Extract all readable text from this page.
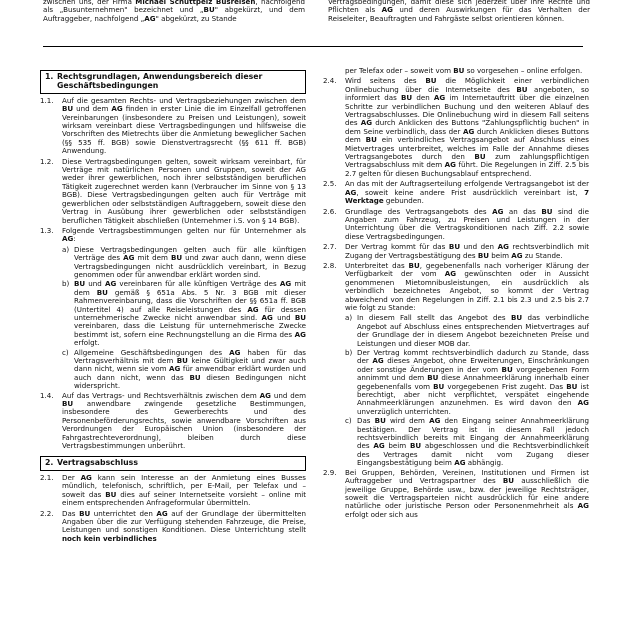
zwischen uns, der Firma Michael Schüttpelz Busreisen, nachfolgend als „Busunternehmen" bezeichnet und „BU" abgekürzt, und dem Auftraggeber, nachfolgend „AG" abgekürzt, zu Stande
Vertragsbedingungen, damit diese sich jederzeit über ihre Rechte und Pflichten als AG und deren Auswirkungen für das Verhalten der Reiseleiter, Beauftragten und Fahrgäste selbst orientieren können.
1. Rechtsgrundlagen, Anwendungsbereich dieser
Geschäftsbedingungen
1.1.	Auf die gesamten Rechts- und Vertragsbeziehungen zwischen dem BU und dem AG finden in erster Linie die im Einzelfall getroffenen Vereinbarungen (insbesondere zu Preisen und Leistungen), soweit wirksam vereinbart diese Vertragsbedingungen und hilfsweise die Vorschriften des Mietrechts über die Anmietung beweglicher Sachen (§§ 535 ff. BGB) sowie Dienstvertragsrecht (§§ 611 ff. BGB) Anwendung.
1.2.	Diese Vertragsbedingungen gelten, soweit wirksam vereinbart, für Verträge mit natürlichen Personen und Gruppen, soweit der AG weder ihrer gewerblichen, noch ihrer selbstständigen beruflichen Tätigkeit zugerechnet werden kann (Verbraucher im Sinne von § 13 BGB). Diese Vertragsbedingungen gelten auch für Verträge mit gewerblichen oder selbstständigen Auftraggebern, soweit diese den Vertrag in Ausübung ihrer gewerblichen oder selbstständigen beruflichen Tätigkeit abschließen (Unternehmer i.S. von § 14 BGB).
1.3.	Folgende Vertragsbestimmungen gelten nur für Unternehmer als AG:
a) Diese Vertragsbedingungen gelten auch für alle künftigen Verträge des AG mit dem BU und zwar auch dann, wenn diese Vertragsbedingungen nicht ausdrücklich vereinbart, in Bezug genommen oder für anwendbar erklärt worden sind.
b) BU und AG vereinbaren für alle künftigen Verträge des AG mit dem BU gemäß § 651a Abs. 5 Nr. 3 BGB mit dieser Rahmenvereinbarung, dass die Vorschriften der §§ 651a ff. BGB (Untertitel 4) auf alle Reiseleistungen des AG für dessen unternehmerische Zwecke nicht anwendbar sind. AG und BU vereinbaren, dass die Leistung für unternehmerische Zwecke bestimmt ist, sofern eine Rechnungstellung an die Firma des AG erfolgt.
c) Allgemeine Geschäftsbedingungen des AG haben für das Vertragsverhältnis mit dem BU keine Gültigkeit und zwar auch dann nicht, wenn sie vom AG für anwendbar erklärt wurden und auch dann nicht, wenn das BU diesen Bedingungen nicht widerspricht.
1.4.	Auf das Vertrags- und Rechtsverhältnis zwischen dem AG und dem BU anwendbare zwingende gesetzliche Bestimmungen, insbesondere des Gewerberechts und des Personenbeförderungsrechts, sowie anwendbare Vorschriften aus Verordnungen der Europäischen Union (insbesondere der Fahrgastrechteverordnung), bleiben durch diese Vertragsbestimmungen unberührt.
2. Vertragsabschluss
2.1.	Der AG kann sein Interesse an der Anmietung eines Busses mündlich, telefonisch, schriftlich, per E-Mail, per Telefax und – soweit das BU dies auf seiner Internetseite vorsieht – online mit einem entsprechenden Anfrageformular übermitteln.
2.2.	Das BU unterrichtet den AG auf der Grundlage der übermittelten Angaben über die zur Verfügung stehenden Fahrzeuge, die Preise, Leistungen und sonstigen Konditionen. Diese Unterrichtung stellt noch kein verbindliches
per Telefax oder – soweit vom BU so vorgesehen – online erfolgen.
2.4.	Wird seitens des BU die Möglichkeit einer verbindlichen Onlinebuchung über die Internetseite des BU angeboten, so informiert das BU den AG im Internetauftritt über die einzelnen Schritte zur verbindlichen Buchung und den weiteren Ablauf des Vertragsabschlusses. Die Onlinebuchung wird in diesem Fall seitens des AG durch Anklicken des Buttons "Zahlungspflichtig buchen" in dem Seine verbindlich, dass der AG durch Anklicken dieses Buttons dem BU ein verbindliches Vertragsangebot auf Abschluss eines Mietvertrages unterbreitet, welches im Falle der Annahme dieses Vertragsangebotes durch den BU zum zahlungspflichtigen Vertragsabschluss mit dem AG führt. Die Regelungen in Ziff. 2.5 bis 2.7 gelten für diesen Buchungsablauf entsprechend.
2.5.	An das mit der Auftragserteilung erfolgende Vertragsangebot ist der AG, soweit keine andere Frist ausdrücklich vereinbart ist, 7 Werktage gebunden.
2.6.	Grundlage des Vertragsangebots des AG an das BU sind die Angaben zum Fahrzeug, zu Preisen und Leistungen in der Unterrichtung über die Vertragskonditionen nach Ziff. 2.2 sowie diese Vertragsbedingungen.
2.7.	Der Vertrag kommt für das BU und den AG rechtsverbindlich mit Zugang der Vertragsbestätigung des BU beim AG zu Stande.
2.8.	Unterbreitet das BU, gegebenenfalls nach vorheriger Klärung der Verfügbarkeit der vom AG gewünschten oder in Aussicht genommenen Mietomnibusleistungen, ein ausdrücklich als verbindlich bezeichnetes Angebot, so kommt der Vertrag abweichend von den Regelungen in Ziff. 2.1 bis 2.3 und 2.5 bis 2.7 wie folgt zu Stande:
a) In diesem Fall stellt das Angebot des BU das verbindliche Angebot auf Abschluss eines entsprechenden Mietvertrages auf der Grundlage der in diesem Angebot bezeichneten Preise und Leistungen und dieser MOB dar.
b) Der Vertrag kommt rechtsverbindlich dadurch zu Stande, dass der AG dieses Angebot, ohne Erweiterungen, Einschränkungen oder sonstige Änderungen in der vom BU vorgegebenen Form annimmt und dem BU diese Annahmeerklärung innerhalb einer gegebenenfalls vom BU vorgegebenen Frist zugeht. Das BU ist berechtigt, aber nicht verpflichtet, verspätet eingehende Annahmeerklärungen anzunehmen. Es wird davon den AG unverzüglich unterrichten.
c) Das BU wird dem AG den Eingang seiner Annahmeerklärung bestätigen. Der Vertrag ist in diesem Fall jedoch rechtsverbindlich bereits mit Eingang der Annahmeerklärung des AG beim BU abgeschlossen und die Rechtsverbindlichkeit des Vertrages damit nicht vom Zugang dieser Eingangsbestätigung beim AG abhängig.
2.9.	Bei Gruppen, Behörden, Vereinen, Institutionen und Firmen ist Auftraggeber und Vertragspartner des BU ausschließlich die jeweilige Gruppe, Behörde usw., bzw. der jeweilige Rechtsträger, soweit die Vertragsparteien nicht ausdrücklich für eine andere natürliche oder juristische Person oder Personenmehrheit als AG erfolgt oder sich aus
